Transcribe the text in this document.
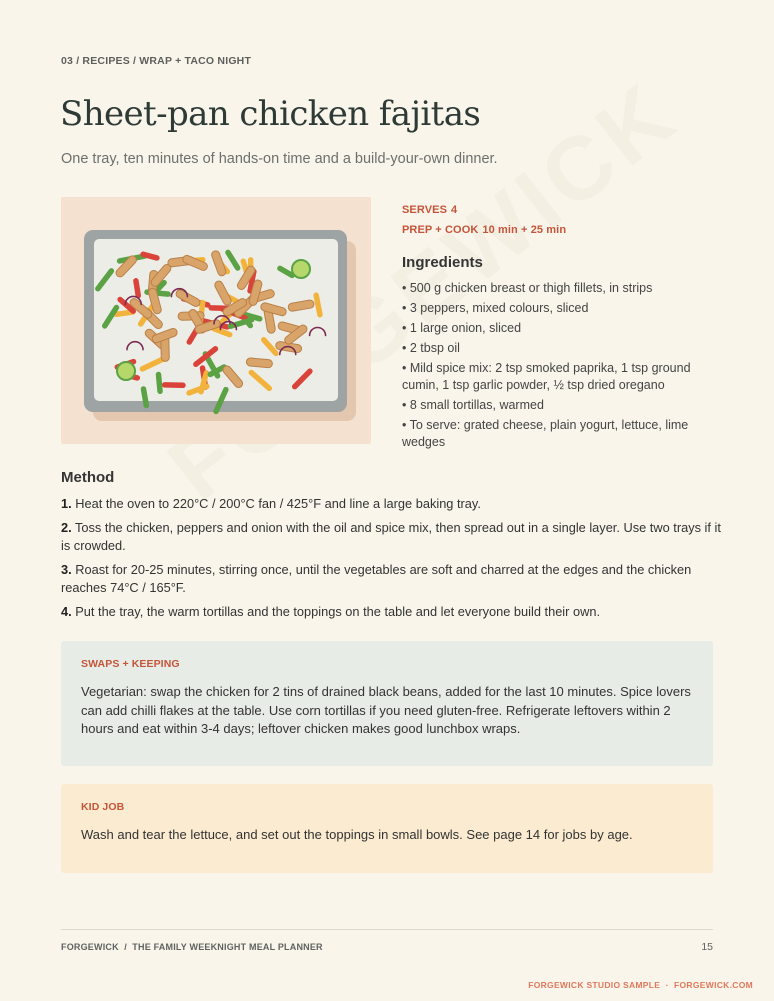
03 / RECIPES / WRAP + TACO NIGHT
Sheet-pan chicken fajitas

One tray, ten minutes of hands-on time and a build-your-own dinner.

SERVES 4
PREP + COOK 10 min + 25 min
Ingredients
• 500 g chicken breast or thigh fillets, in strips
• 3 peppers, mixed colours, sliced
• 1 large onion, sliced
• 2 tbsp oil
• Mild spice mix: 2 tsp smoked paprika, 1 tsp ground cumin, 1 tsp garlic powder, ½ tsp dried oregano
• 8 small tortillas, warmed
• To serve: grated cheese, plain yogurt, lettuce, lime wedges
Method
1. Heat the oven to 220°C / 200°C fan / 425°F and line a large baking tray.
2. Toss the chicken, peppers and onion with the oil and spice mix, then spread out in a single layer. Use two trays if it is crowded.
3. Roast for 20-25 minutes, stirring once, until the vegetables are soft and charred at the edges and the chicken reaches 74°C / 165°F.
4. Put the tray, the warm tortillas and the toppings on the table and let everyone build their own.
SWAPS + KEEPING
Vegetarian: swap the chicken for 2 tins of drained black beans, added for the last 10 minutes. Spice lovers can add chilli flakes at the table. Use corn tortillas if you need gluten-free. Refrigerate leftovers within 2 hours and eat within 3-4 days; leftover chicken makes good lunchbox wraps.
KID JOB
Wash and tear the lettuce, and set out the toppings in small bowls. See page 14 for jobs by age.
FORGEWICK  /  THE FAMILY WEEKNIGHT MEAL PLANNER	15
FORGEWICK STUDIO SAMPLE  ·  FORGEWICK.COM
